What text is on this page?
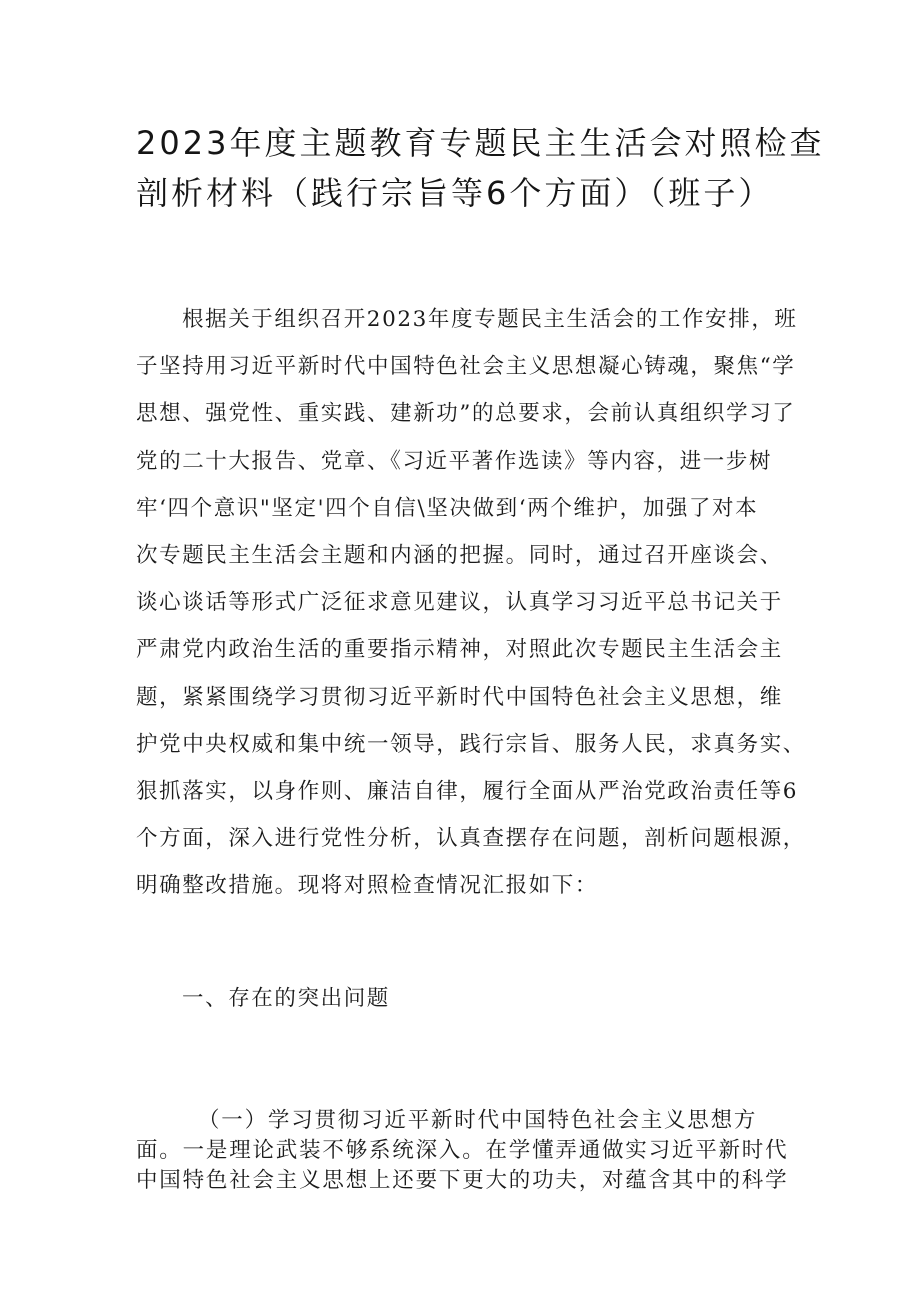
2023年度主题教育专题民主生活会对照检查
剖析材料（践行宗旨等6个方面）（班子）
根据关于组织召开2023年度专题民主生活会的工作安排，班
子坚持用习近平新时代中国特色社会主义思想凝心铸魂，聚焦“学
思想、强党性、重实践、建新功”的总要求，会前认真组织学习了
党的二十大报告、党章、《习近平著作选读》等内容，进一步树
牢‘四个意识"坚定'四个自信\坚决做到‘两个维护，加强了对本
次专题民主生活会主题和内涵的把握。同时，通过召开座谈会、
谈心谈话等形式广泛征求意见建议，认真学习习近平总书记关于
严肃党内政治生活的重要指示精神，对照此次专题民主生活会主
题，紧紧围绕学习贯彻习近平新时代中国特色社会主义思想，维
护党中央权威和集中统一领导，践行宗旨、服务人民，求真务实、
狠抓落实，以身作则、廉洁自律，履行全面从严治党政治责任等6
个方面，深入进行党性分析，认真查摆存在问题，剖析问题根源，
明确整改措施。现将对照检查情况汇报如下：
一、存在的突出问题
（一）学习贯彻习近平新时代中国特色社会主义思想方
面。一是理论武装不够系统深入。在学懂弄通做实习近平新时代
中国特色社会主义思想上还要下更大的功夫，对蕴含其中的科学
